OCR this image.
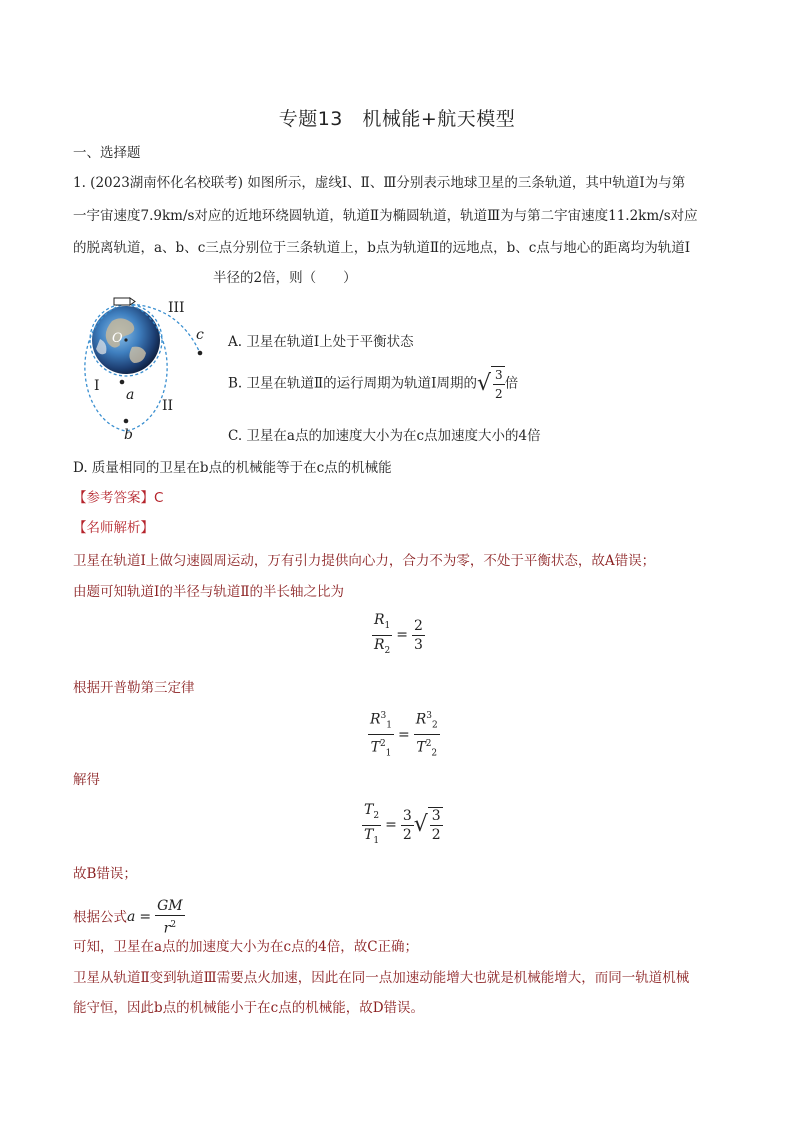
专题13　机械能+航天模型
一、选择题
1. (2023湖南怀化名校联考) 如图所示，虚线Ⅰ、Ⅱ、Ⅲ分别表示地球卫星的三条轨道，其中轨道Ⅰ为与第
一宇宙速度7.9km/s对应的近地环绕圆轨道，轨道Ⅱ为椭圆轨道，轨道Ⅲ为与第二宇宙速度11.2km/s对应
的脱离轨道，a、b、c三点分别位于三条轨道上，b点为轨道Ⅱ的远地点，b、c点与地心的距离均为轨道Ⅰ
半径的2倍，则（　　）
O
I
II
III
a
b
c A. 卫星在轨道Ⅰ上处于平衡状态
B. 卫星在轨道Ⅱ的运行周期为轨道Ⅰ周期的 √ $\frac{3}{2}$ 倍
C. 卫星在a点的加速度大小为在c点加速度大小的4倍
D. 质量相同的卫星在b点的机械能等于在c点的机械能
【参考答案】C
【名师解析】
卫星在轨道Ⅰ上做匀速圆周运动，万有引力提供向心力，合力不为零，不处于平衡状态，故A错误；
由题可知轨道Ⅰ的半径与轨道Ⅱ的半长轴之比为
$\frac{R_1}{R_2} = \frac{2}{3}$
根据开普勒第三定律
$\frac{R^3_1}{T^2_1} = \frac{R^3_2}{T^2_2}$
解得
$\frac{T_2}{T_1} = \frac{3}{2}$ √ $\frac{3}{2}$
故B错误；
根据公式$a = \frac{GM}{r^2}$
可知，卫星在a点的加速度大小为在c点的4倍，故C正确；
卫星从轨道Ⅱ变到轨道Ⅲ需要点火加速，因此在同一点加速动能增大也就是机械能增大，而同一轨道机械
能守恒，因此b点的机械能小于在c点的机械能，故D错误。
